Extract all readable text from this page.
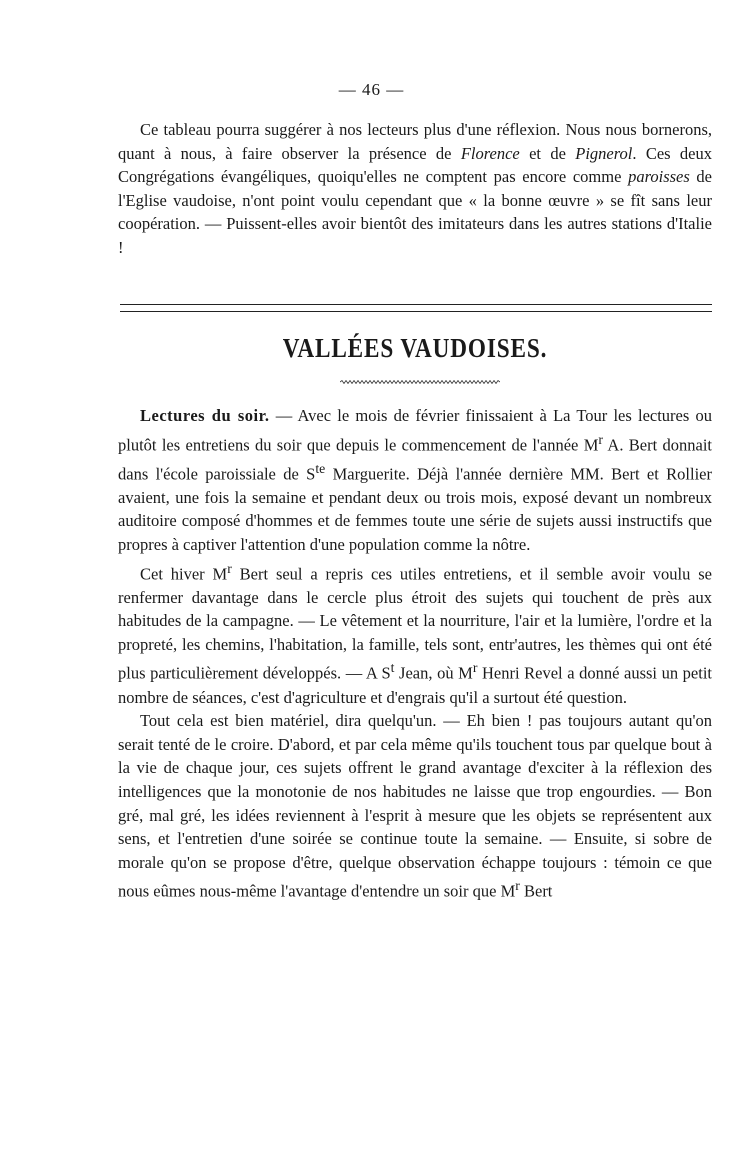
— 46 —

Ce tableau pourra suggérer à nos lecteurs plus d'une réflexion. Nous nous bornerons, quant à nous, à faire observer la présence de Florence et de Pignerol. Ces deux Congrégations évangéliques, quoiqu'elles ne comptent pas encore comme paroisses de l'Eglise vaudoise, n'ont point voulu cependant que « la bonne œuvre » se fît sans leur coopération. — Puissent-elles avoir bientôt des imitateurs dans les autres stations d'Italie !

VALLÉES VAUDOISES.

Lectures du soir. — Avec le mois de février finissaient à La Tour les lectures ou plutôt les entretiens du soir que depuis le commencement de l'année $M^r$ A. Bert donnait dans l'école paroissiale de $S^{te}$ Marguerite. Déjà l'année dernière MM. Bert et Rollier avaient, une fois la semaine et pendant deux ou trois mois, exposé devant un nombreux auditoire composé d'hommes et de femmes toute une série de sujets aussi instructifs que propres à captiver l'attention d'une population comme la nôtre.

Cet hiver $M^r$ Bert seul a repris ces utiles entretiens, et il semble avoir voulu se renfermer davantage dans le cercle plus étroit des sujets qui touchent de près aux habitudes de la campagne. — Le vêtement et la nourriture, l'air et la lumière, l'ordre et la propreté, les chemins, l'habitation, la famille, tels sont, entr'autres, les thèmes qui ont été plus particulièrement développés. — A $S^t$ Jean, où $M^r$ Henri Revel a donné aussi un petit nombre de séances, c'est d'agriculture et d'engrais qu'il a surtout été question.

Tout cela est bien matériel, dira quelqu'un. — Eh bien ! pas toujours autant qu'on serait tenté de le croire. D'abord, et par cela même qu'ils touchent tous par quelque bout à la vie de chaque jour, ces sujets offrent le grand avantage d'exciter à la réflexion des intelligences que la monotonie de nos habitudes ne laisse que trop engourdies. — Bon gré, mal gré, les idées reviennent à l'esprit à mesure que les objets se représentent aux sens, et l'entretien d'une soirée se continue toute la semaine. — Ensuite, si sobre de morale qu'on se propose d'être, quelque observation échappe toujours : témoin ce que nous eûmes nous-même l'avantage d'entendre un soir que $M^r$ Bert
